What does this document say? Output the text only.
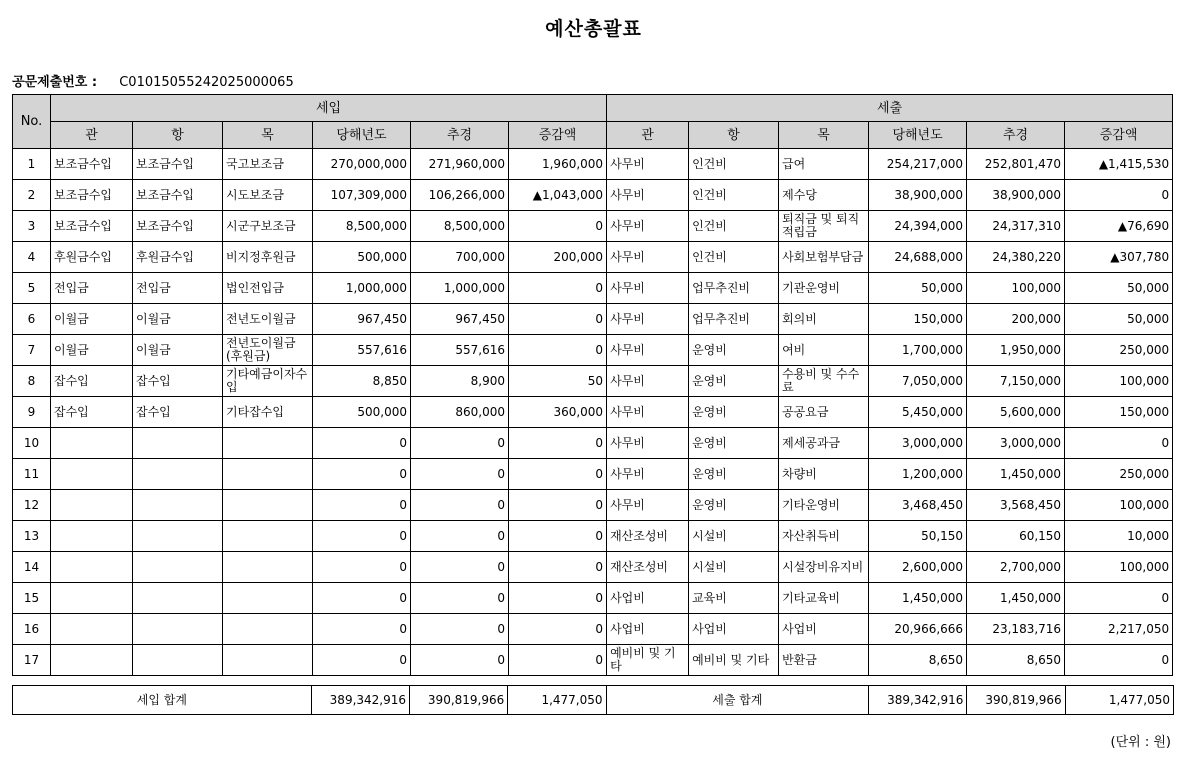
예산총괄표
공문제출번호 : C01015055242025000065
No.	세입						세출					
	관	항	목	당해년도	추경	증감액	관	항	목	당해년도	추경	증감액
1	보조금수입	보조금수입	국고보조금	270,000,000	271,960,000	1,960,000	사무비	인건비	급여	254,217,000	252,801,470	▲1,415,530
2	보조금수입	보조금수입	시도보조금	107,309,000	106,266,000	▲1,043,000	사무비	인건비	제수당	38,900,000	38,900,000	0
3	보조금수입	보조금수입	시군구보조금	8,500,000	8,500,000	0	사무비	인건비	퇴직금 및 퇴직적립금	24,394,000	24,317,310	▲76,690
4	후원금수입	후원금수입	비지정후원금	500,000	700,000	200,000	사무비	인건비	사회보험부담금	24,688,000	24,380,220	▲307,780
5	전입금	전입금	법인전입금	1,000,000	1,000,000	0	사무비	업무추진비	기관운영비	50,000	100,000	50,000
6	이월금	이월금	전년도이월금	967,450	967,450	0	사무비	업무추진비	회의비	150,000	200,000	50,000
7	이월금	이월금	전년도이월금(후원금)	557,616	557,616	0	사무비	운영비	여비	1,700,000	1,950,000	250,000
8	잡수입	잡수입	기타예금이자수입	8,850	8,900	50	사무비	운영비	수용비 및 수수료	7,050,000	7,150,000	100,000
9	잡수입	잡수입	기타잡수입	500,000	860,000	360,000	사무비	운영비	공공요금	5,450,000	5,600,000	150,000
10				0	0	0	사무비	운영비	제세공과금	3,000,000	3,000,000	0
11				0	0	0	사무비	운영비	차량비	1,200,000	1,450,000	250,000
12				0	0	0	사무비	운영비	기타운영비	3,468,450	3,568,450	100,000
13				0	0	0	재산조성비	시설비	자산취득비	50,150	60,150	10,000
14				0	0	0	재산조성비	시설비	시설장비유지비	2,600,000	2,700,000	100,000
15				0	0	0	사업비	교육비	기타교육비	1,450,000	1,450,000	0
16				0	0	0	사업비	사업비	사업비	20,966,666	23,183,716	2,217,050
17				0	0	0	예비비 및 기타	예비비 및 기타	반환금	8,650	8,650	0
세입 합계	389,342,916	390,819,966	1,477,050	세출 합계	389,342,916	390,819,966	1,477,050
(단위 : 원)
